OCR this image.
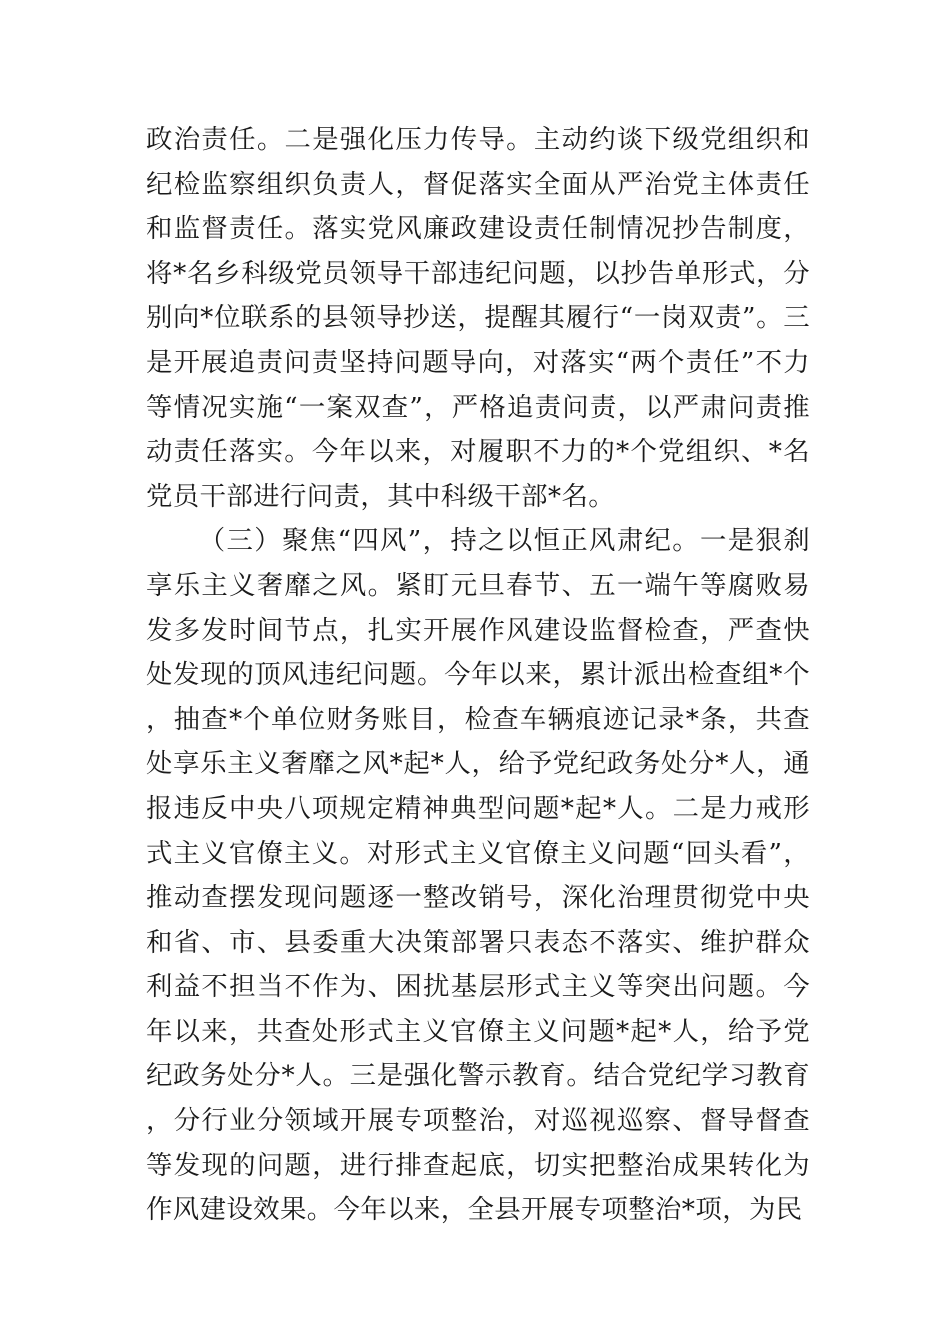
政治责任。二是强化压力传导。主动约谈下级党组织和纪检监察组织负责人，督促落实全面从严治党主体责任和监督责任。落实党风廉政建设责任制情况抄告制度，将*名乡科级党员领导干部违纪问题，以抄告单形式，分别向*位联系的县领导抄送，提醒其履行“一岗双责”。三是开展追责问责坚持问题导向，对落实“两个责任”不力等情况实施“一案双查”，严格追责问责，以严肃问责推动责任落实。今年以来，对履职不力的*个党组织、*名党员干部进行问责，其中科级干部*名。

（三）聚焦“四风”，持之以恒正风肃纪。一是狠刹享乐主义奢靡之风。紧盯元旦春节、五一端午等腐败易发多发时间节点，扎实开展作风建设监督检查，严查快处发现的顶风违纪问题。今年以来，累计派出检查组*个，抽查*个单位财务账目，检查车辆痕迹记录*条，共查处享乐主义奢靡之风*起*人，给予党纪政务处分*人，通报违反中央八项规定精神典型问题*起*人。二是力戒形式主义官僚主义。对形式主义官僚主义问题“回头看”，推动查摆发现问题逐一整改销号，深化治理贯彻党中央和省、市、县委重大决策部署只表态不落实、维护群众利益不担当不作为、困扰基层形式主义等突出问题。今年以来，共查处形式主义官僚主义问题*起*人，给予党纪政务处分*人。三是强化警示教育。结合党纪学习教育，分行业分领域开展专项整治，对巡视巡察、督导督查等发现的问题，进行排查起底，切实把整治成果转化为作风建设效果。今年以来，全县开展专项整治*项，为民
